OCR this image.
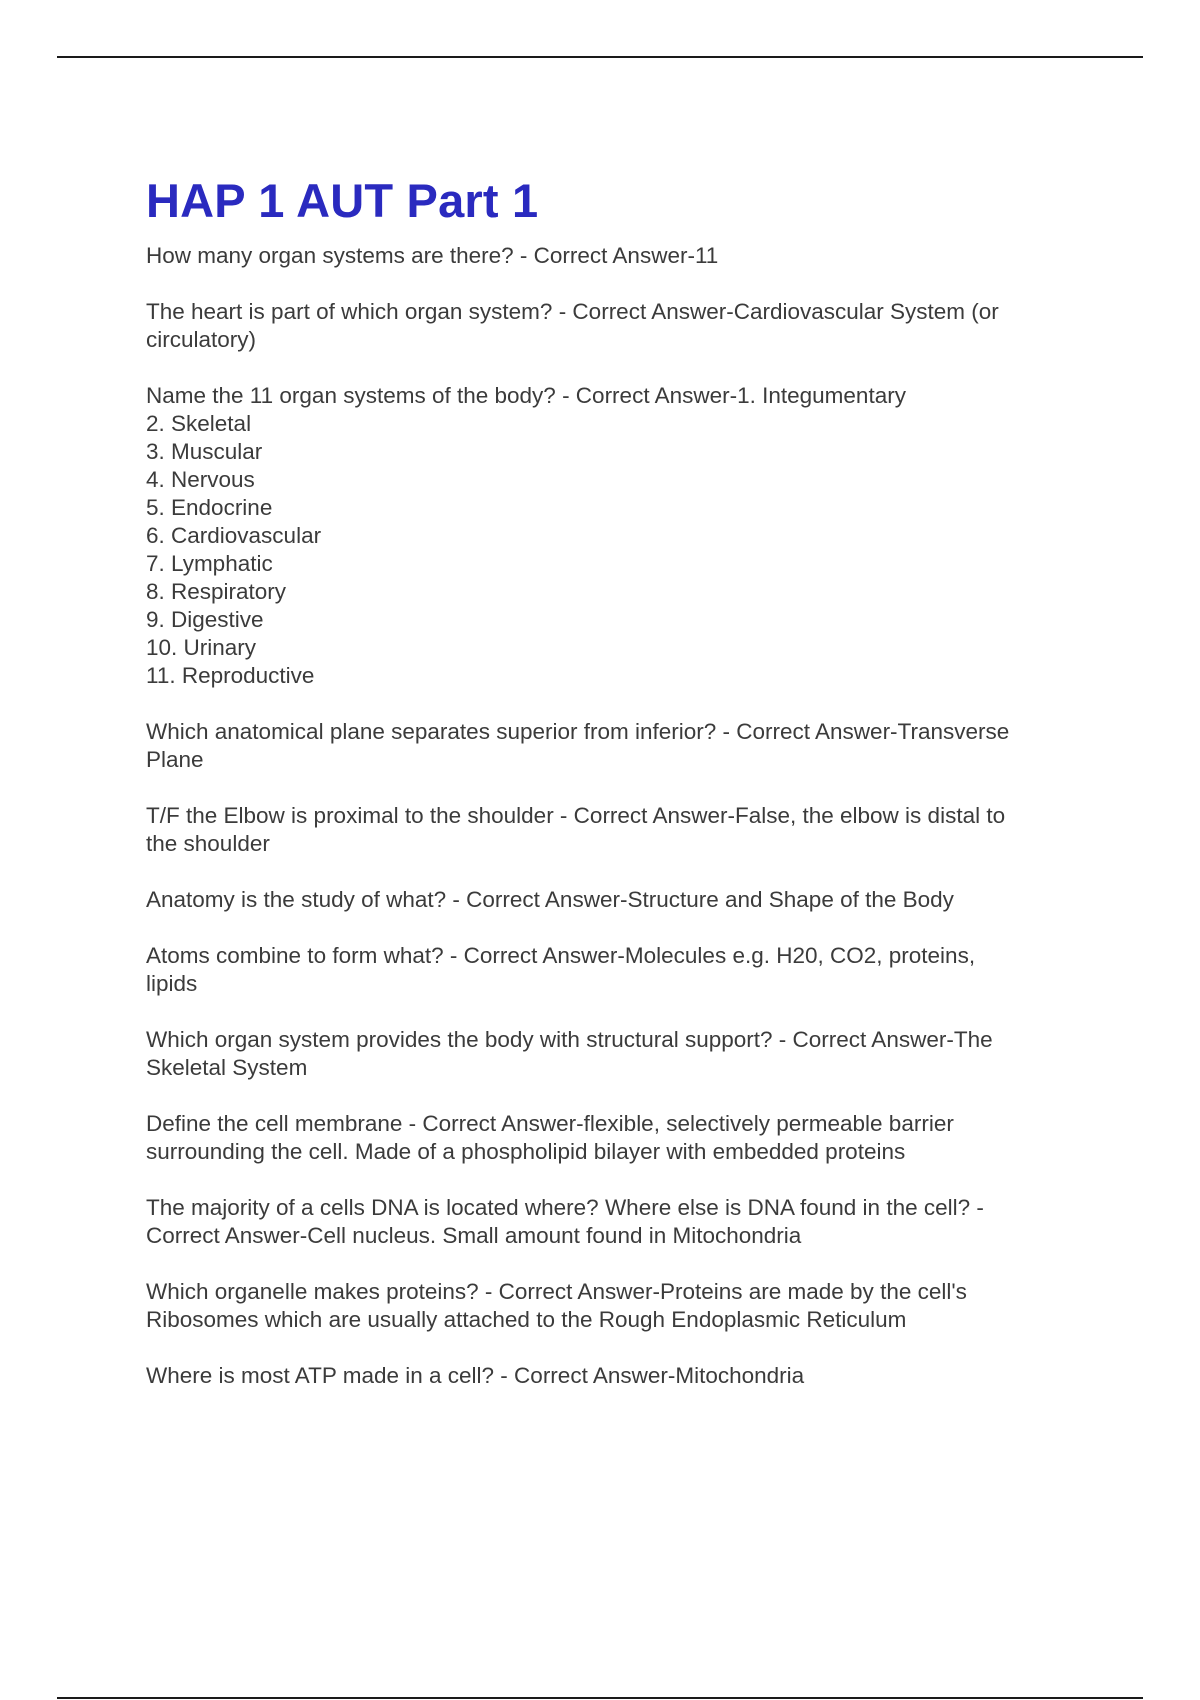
HAP 1 AUT Part 1

How many organ systems are there? - Correct Answer-11

The heart is part of which organ system? - Correct Answer-Cardiovascular System (or
circulatory)

Name the 11 organ systems of the body? - Correct Answer-1. Integumentary
2. Skeletal
3. Muscular
4. Nervous
5. Endocrine
6. Cardiovascular
7. Lymphatic
8. Respiratory
9. Digestive
10. Urinary
11. Reproductive

Which anatomical plane separates superior from inferior? - Correct Answer-Transverse
Plane

T/F the Elbow is proximal to the shoulder - Correct Answer-False, the elbow is distal to
the shoulder

Anatomy is the study of what? - Correct Answer-Structure and Shape of the Body

Atoms combine to form what? - Correct Answer-Molecules e.g. H20, CO2, proteins,
lipids

Which organ system provides the body with structural support? - Correct Answer-The
Skeletal System

Define the cell membrane - Correct Answer-flexible, selectively permeable barrier
surrounding the cell. Made of a phospholipid bilayer with embedded proteins

The majority of a cells DNA is located where? Where else is DNA found in the cell? -
Correct Answer-Cell nucleus. Small amount found in Mitochondria

Which organelle makes proteins? - Correct Answer-Proteins are made by the cell's
Ribosomes which are usually attached to the Rough Endoplasmic Reticulum

Where is most ATP made in a cell? - Correct Answer-Mitochondria
